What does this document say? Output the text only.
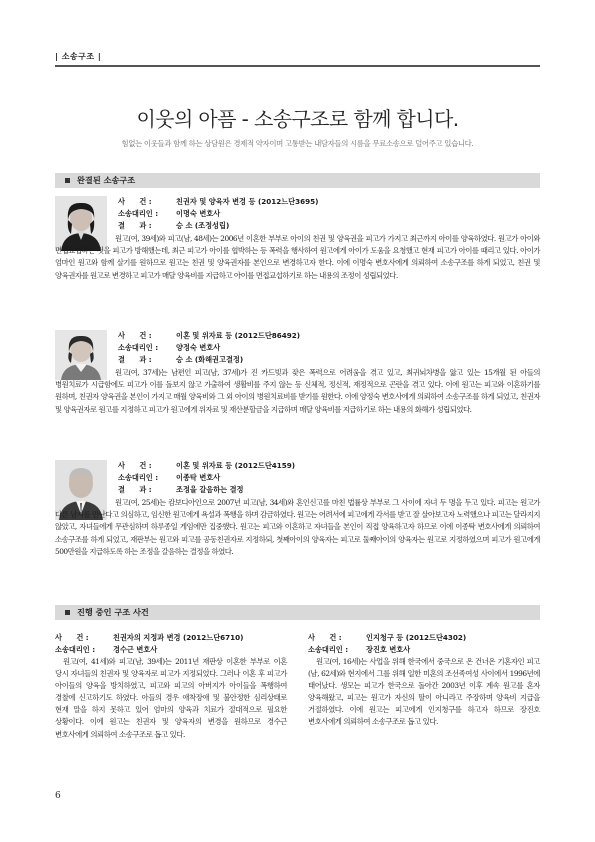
| 소송구조 |
이웃의 아픔 - 소송구조로 함께 합니다.
힘없는 이웃들과 함께 하는 상담원은 경제적 약자이며 고통받는 내담자들의 시름을 무료소송으로 덜어주고 있습니다.
완결된 소송구조
사　　건 :	친권자 및 양육자 변경 등 (2012느단3695)
소송대리인 :	이명숙 변호사
결　　과 :	승 소 (조정성립)
원고(여, 39세)와 피고(남, 48세)는 2006년 이혼한 부부로 아이의 친권 및 양육권을 피고가 가지고 최근까지 아이를 양육하였다. 원고가 아이와 면접교섭하는 것을 피고가 방해했는데, 최근 피고가 아이를 협박하는 등 폭력을 행사하여 원고에게 아이가 도움을 요청했고 현재 피고가 아이를 때리고 있다. 아이가 엄마인 원고와 함께 살기를 원하므로 원고는 친권 및 양육권자를 본인으로 변경하고자 한다. 이에 이명숙 변호사에게 의뢰하여 소송구조를 하게 되었고, 친권 및 양육권자를 원고로 변경하고 피고가 매달 양육비를 지급하고 아이를 면접교섭하기로 하는 내용의 조정이 성립되었다.
사　　건 :	이혼 및 위자료 등 (2012드단86492)
소송대리인 :	양정숙 변호사
결　　과 :	승 소 (화해권고결정)
원고(여, 37세)는 남편인 피고(남, 37세)가 진 카드빚과 잦은 폭력으로 어려움을 겪고 있고, 최귀뇌차병을 앓고 있는 15개월 된 아들의 병원치료가 시급함에도 피고가 이를 돌보지 않고 가출하여 생활비를 주지 않는 등 신체적, 정신적, 재정적으로 곤란을 겪고 있다. 이에 원고는 피고와 이혼하기를 원하며, 친권자 양육권을 본인이 가지고 매월 양육비와 그 외 아이의 병원치료비를 받기를 원한다. 이에 양정숙 변호사에게 의뢰하여 소송구조를 하게 되었고, 친권자 및 양육권자로 원고를 지정하고 피고가 원고에게 위자료 및 재산분할금을 지급하며 매달 양육비를 지급하기로 하는 내용의 화해가 성립되었다.
사　　건 :	이혼 및 위자료 등 (2012드단4159)
소송대리인 :	이종탁 변호사
결　　과 :	조정을 갈음하는 결정
원고(여, 25세)는 캄보디아인으로 2007년 피고(남, 34세)와 혼인신고를 마친 법률상 부부로 그 사이에 자녀 두 명을 두고 있다. 피고는 원고가 다른 남자를 만난다고 의심하고, 임신한 원고에게 욕설과 폭행을 하며 감금하였다. 원고는 어려서에 피고에게 각서를 받고 잘 살아보고자 노력했으나 피고는 달라지지 않았고, 자녀들에게 무관심하며 하루종일 게임에만 집중했다. 원고는 피고와 이혼하고 자녀들을 본인이 직접 양육하고자 하므로 이에 이종탁 변호사에게 의뢰하여 소송구조를 하게 되었고, 재판부는 원고와 피고를 공동친권자로 지정하되, 첫째아이의 양육자는 피고로 둘째아이의 양육자는 원고로 지정하였으며 피고가 원고에게 500만원을 지급하도록 하는 조정을 갈음하는 결정을 하였다.
진행 중인 구조 사건
사　　건 :	친권자의 지정과 변경 (2012느단6710)
소송대리인 :	경수근 변호사
원고(여, 41세)와 피고(남, 39세)는 2011년 재판상 이혼한 부부로 이혼 당시 자녀들의 친권자 및 양육자로 피고가 지정되었다. 그러나 이혼 후 피고가 아이들의 양육을 방치하였고, 피고와 피고의 아버지가 아이들을 폭행하여 경찰에 신고하기도 하였다. 아들의 경우 애착장애 및 불안정한 심리상태로 현재 말을 하지 못하고 있어 엄마의 양육과 치료가 절대적으로 필요한 상황이다. 이에 원고는 친권자 및 양육자의 변경을 원하므로 경수근 변호사에게 의뢰하여 소송구조로 돕고 있다.
사　　건 :	인지청구 등 (2012드단4302)
소송대리인 :	장진호 변호사
원고(여, 16세)는 사업을 위해 한국에서 중국으로 온 건너온 기혼자인 피고(남, 62세)와 현지에서 그를 위해 일한 미혼의 조선족여성 사이에서 1996년에 태어났다. 생모는 피고가 한국으로 돌아간 2003년 이후 계속 원고를 혼자 양육해왔고, 피고는 원고가 자신의 딸이 아니라고 주장하며 양육비 지급을 거절하였다. 이에 원고는 피고에게 인지청구를 하고자 하므로 장진호 변호사에게 의뢰하여 소송구조로 돕고 있다.
6
